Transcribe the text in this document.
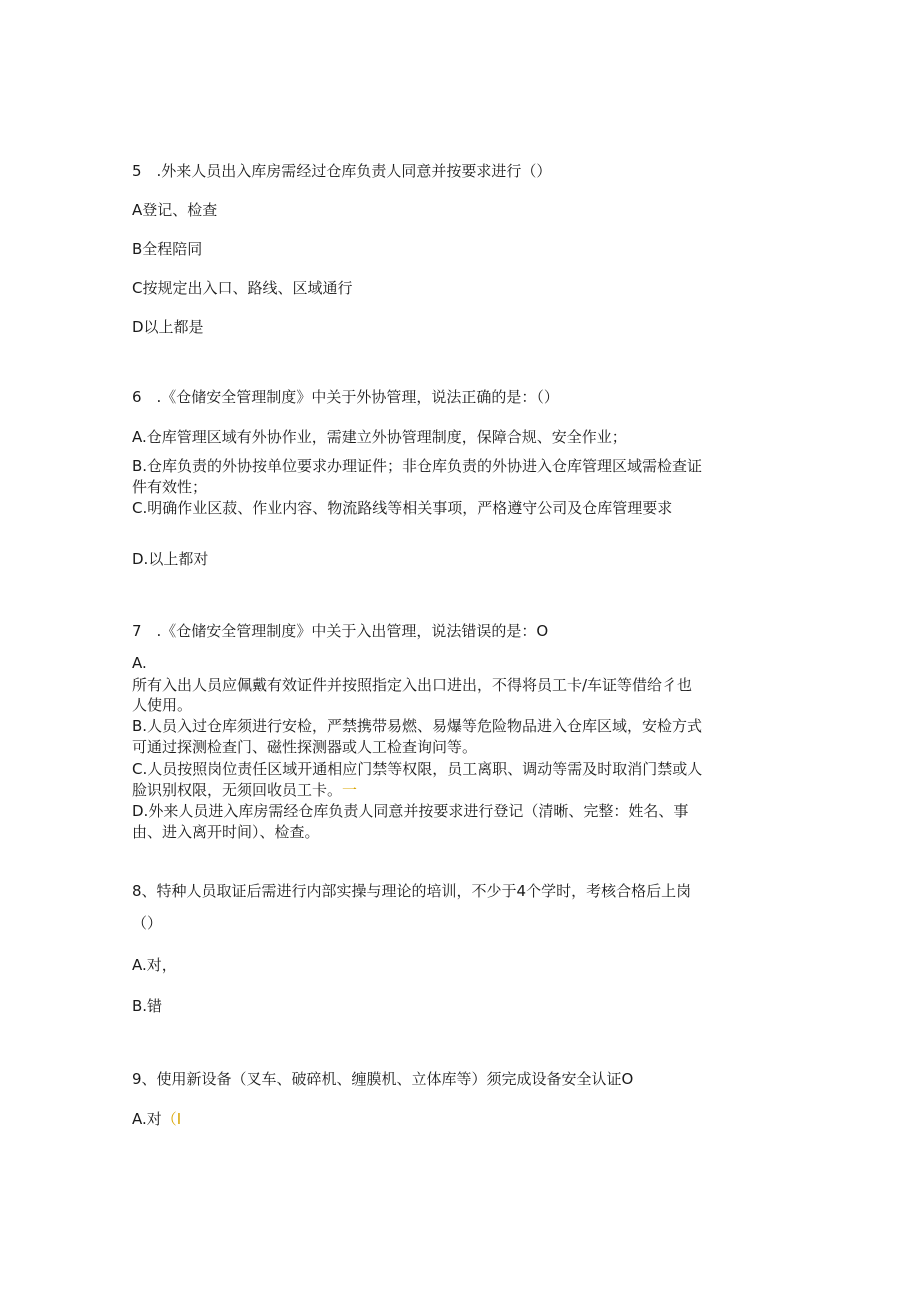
5　.外来人员出入库房需经过仓库负责人同意并按要求进行（）
A登记、检查
B全程陪同
C按规定出入口、路线、区域通行
D以上都是
6　.《仓储安全管理制度》中关于外协管理，说法正确的是：（）
A.仓库管理区域有外协作业，需建立外协管理制度，保障合规、安全作业；
B.仓库负责的外协按单位要求办理证件；非仓库负责的外协进入仓库管理区域需检查证
件有效性；
C.明确作业区菽、作业内容、物流路线等相关事项，严格遵守公司及仓库管理要求
D.以上都对
7　.《仓储安全管理制度》中关于入出管理，说法错误的是：O
A.
所有入出人员应佩戴有效证件并按照指定入出口进出，不得将员工卡/车证等借给彳也
人使用。
B.人员入过仓库须进行安检，严禁携带易燃、易爆等危险物品进入仓库区域，安检方式
可通过探测检查门、磁性探测器或人工检查询问等。
C.人员按照岗位责任区域开通相应门禁等权限，员工离职、调动等需及时取消门禁或人
脸识别权限，无须回收员工卡。一
D.外来人员进入库房需经仓库负责人同意并按要求进行登记（清晰、完整：姓名、事
由、进入离开时间）、检查。
8、特种人员取证后需进行内部实操与理论的培训，不少于4个学时，考核合格后上岗
（）
A.对，
B.错
9、使用新设备（叉车、破碎机、缠膜机、立体库等）须完成设备安全认证O
A.对（I
